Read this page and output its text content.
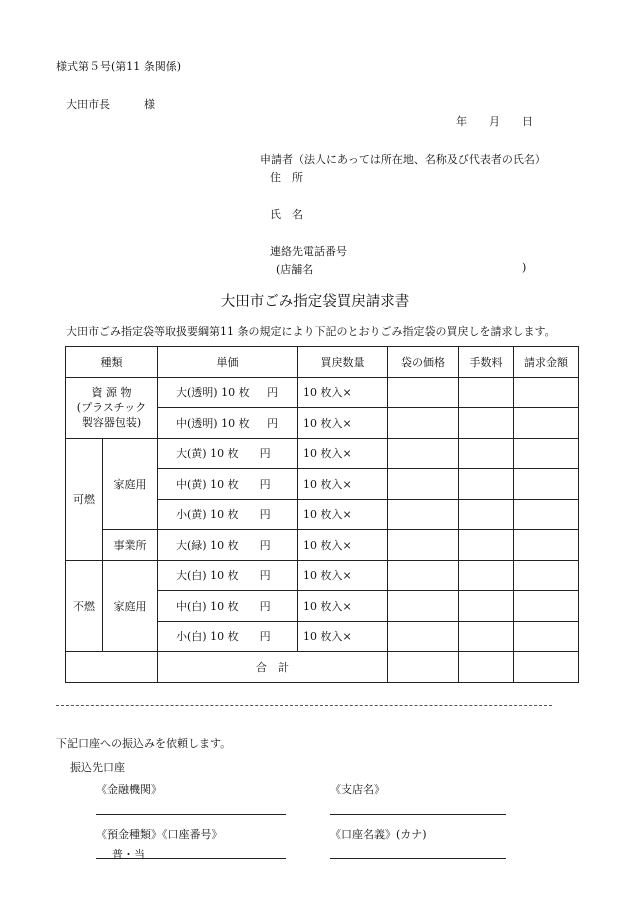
様式第５号(第11 条関係)
大田市長	様
年 月 日
申請者（法人にあっては所在地、名称及び代表者の氏名）
住　所
氏　名
連絡先電話番号
(店舗名	)
大田市ごみ指定袋買戻請求書
大田市ごみ指定袋等取扱要綱第11 条の規定により下記のとおりごみ指定袋の買戻しを請求します。
種類		単価	買戻数量	袋の価格	手数料	請求金額

資 源 物
(プラスチック
製容器包装)		大(透明) 10 枚 円	10 枚入×			
		中(透明) 10 枚 円	10 枚入×			
可燃	家庭用	大(黄) 10 枚 円	10 枚入×			
		中(黄) 10 枚 円	10 枚入×			
		小(黄) 10 枚 円	10 枚入×			
	事業所	大(緑) 10 枚 円	10 枚入×			
不燃	家庭用	大(白) 10 枚 円	10 枚入×			
		中(白) 10 枚 円	10 枚入×			
		小(白) 10 枚 円	10 枚入×			
		合　計				
下記口座への振込みを依頼します。
振込先口座
《金融機関》	《支店名》
《預金種類》《口座番号》	《口座名義》(カナ)
普・当
